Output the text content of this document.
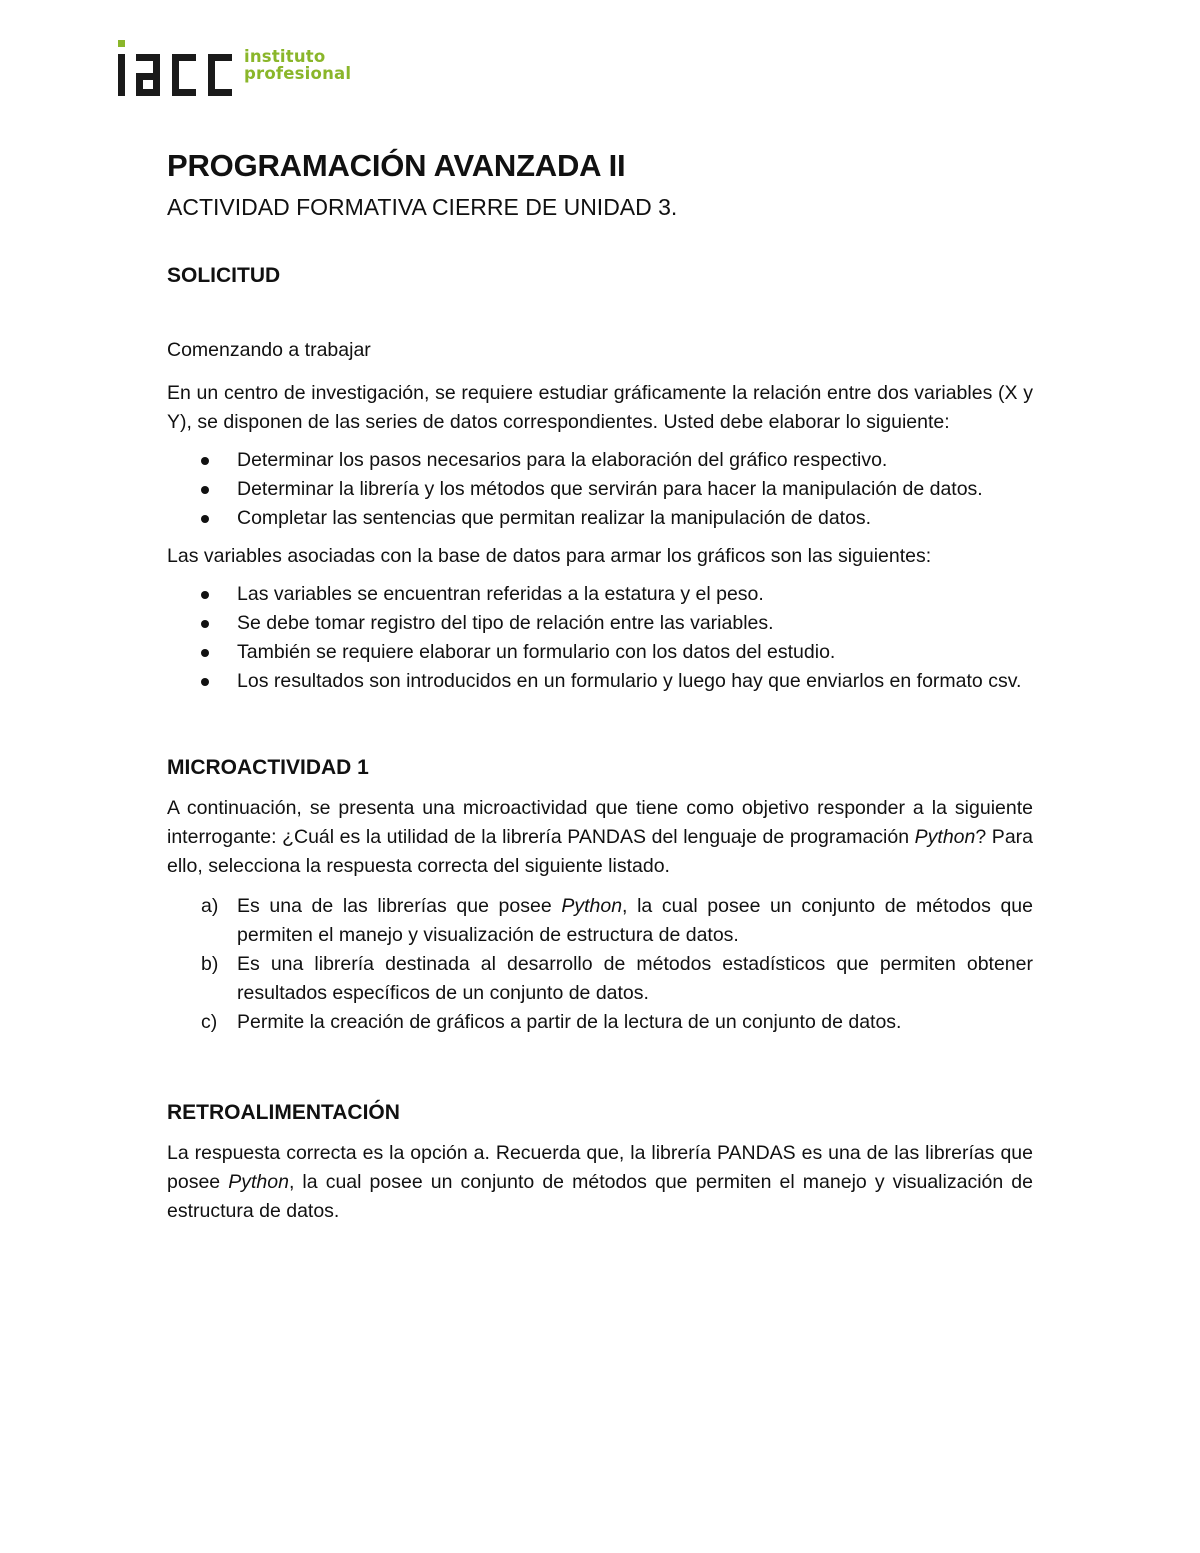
instituto
profesional
PROGRAMACIÓN AVANZADA II
ACTIVIDAD FORMATIVA CIERRE DE UNIDAD 3.
SOLICITUD

Comenzando a trabajar

En un centro de investigación, se requiere estudiar gráficamente la relación entre dos variables (X y Y), se disponen de las series de datos correspondientes. Usted debe elaborar lo siguiente:

Determinar los pasos necesarios para la elaboración del gráfico respectivo.
Determinar la librería y los métodos que servirán para hacer la manipulación de datos.
Completar las sentencias que permitan realizar la manipulación de datos.

Las variables asociadas con la base de datos para armar los gráficos son las siguientes:

Las variables se encuentran referidas a la estatura y el peso.
Se debe tomar registro del tipo de relación entre las variables.
También se requiere elaborar un formulario con los datos del estudio.
Los resultados son introducidos en un formulario y luego hay que enviarlos en formato csv.
MICROACTIVIDAD 1

A continuación, se presenta una microactividad que tiene como objetivo responder a la siguiente interrogante: ¿Cuál es la utilidad de la librería PANDAS del lenguaje de programación Python? Para ello, selecciona la respuesta correcta del siguiente listado.

a) Es una de las librerías que posee Python, la cual posee un conjunto de métodos que permiten el manejo y visualización de estructura de datos.
b) Es una librería destinada al desarrollo de métodos estadísticos que permiten obtener resultados específicos de un conjunto de datos.
c) Permite la creación de gráficos a partir de la lectura de un conjunto de datos.
RETROALIMENTACIÓN

La respuesta correcta es la opción a. Recuerda que, la librería PANDAS es una de las librerías que posee Python, la cual posee un conjunto de métodos que permiten el manejo y visualización de estructura de datos.
